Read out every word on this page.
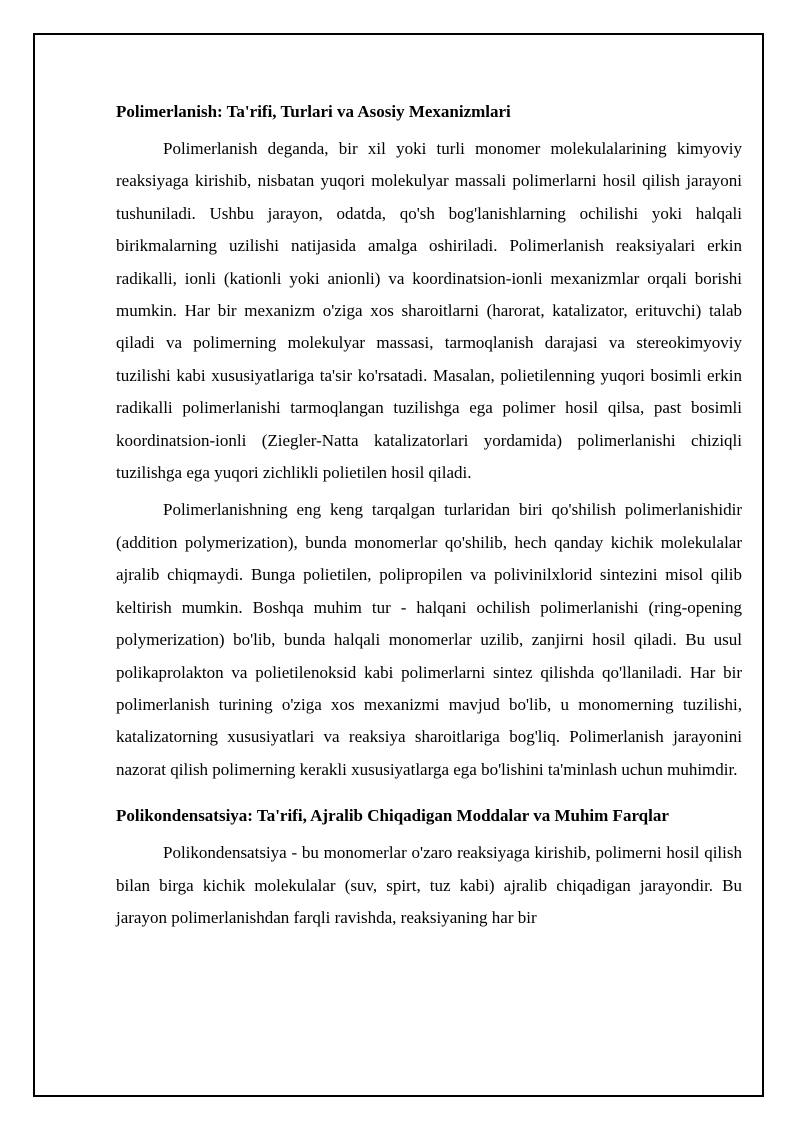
Polimerlanish: Ta'rifi, Turlari va Asosiy Mexanizmlari

Polimerlanish deganda, bir xil yoki turli monomer molekulalarining kimyoviy reaksiyaga kirishib, nisbatan yuqori molekulyar massali polimerlarni hosil qilish jarayoni tushuniladi. Ushbu jarayon, odatda, qo'sh bog'lanishlarning ochilishi yoki halqali birikmalarning uzilishi natijasida amalga oshiriladi. Polimerlanish reaksiyalari erkin radikalli, ionli (kationli yoki anionli) va koordinatsion-ionli mexanizmlar orqali borishi mumkin. Har bir mexanizm o'ziga xos sharoitlarni (harorat, katalizator, erituvchi) talab qiladi va polimerning molekulyar massasi, tarmoqlanish darajasi va stereokimyoviy tuzilishi kabi xususiyatlariga ta'sir ko'rsatadi. Masalan, polietilenning yuqori bosimli erkin radikalli polimerlanishi tarmoqlangan tuzilishga ega polimer hosil qilsa, past bosimli koordinatsion-ionli (Ziegler-Natta katalizatorlari yordamida) polimerlanishi chiziqli tuzilishga ega yuqori zichlikli polietilen hosil qiladi.

Polimerlanishning eng keng tarqalgan turlaridan biri qo'shilish polimerlanishidir (addition polymerization), bunda monomerlar qo'shilib, hech qanday kichik molekulalar ajralib chiqmaydi. Bunga polietilen, polipropilen va polivinilxlorid sintezini misol qilib keltirish mumkin. Boshqa muhim tur - halqani ochilish polimerlanishi (ring-opening polymerization) bo'lib, bunda halqali monomerlar uzilib, zanjirni hosil qiladi. Bu usul polikaprolakton va polietilenoksid kabi polimerlarni sintez qilishda qo'llaniladi. Har bir polimerlanish turining o'ziga xos mexanizmi mavjud bo'lib, u monomerning tuzilishi, katalizatorning xususiyatlari va reaksiya sharoitlariga bog'liq. Polimerlanish jarayonini nazorat qilish polimerning kerakli xususiyatlarga ega bo'lishini ta'minlash uchun muhimdir.

Polikondensatsiya: Ta'rifi, Ajralib Chiqadigan Moddalar va Muhim Farqlar

Polikondensatsiya - bu monomerlar o'zaro reaksiyaga kirishib, polimerni hosil qilish bilan birga kichik molekulalar (suv, spirt, tuz kabi) ajralib chiqadigan jarayondir. Bu jarayon polimerlanishdan farqli ravishda, reaksiyaning har bir
